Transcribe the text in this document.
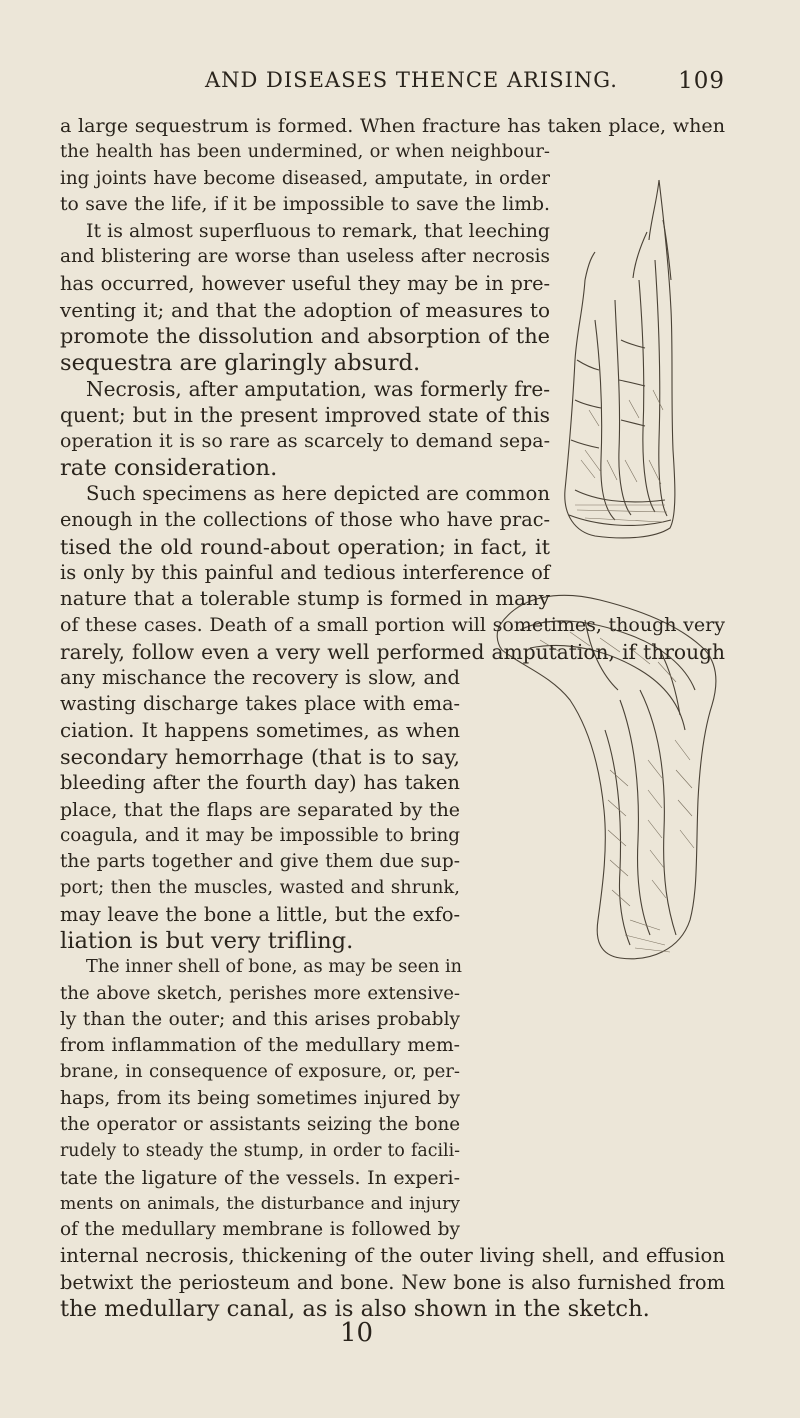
AND DISEASES THENCE ARISING.	109
a large sequestrum is formed. When fracture has taken place, when
the health has been undermined, or when neighbour-
ing joints have become diseased, amputate, in order
to save the life, if it be impossible to save the limb.
It is almost superfluous to remark, that leeching
and blistering are worse than useless after necrosis
has occurred, however useful they may be in pre-
venting it; and that the adoption of measures to
promote the dissolution and absorption of the
sequestra are glaringly absurd.
Necrosis, after amputation, was formerly fre-
quent; but in the present improved state of this
operation it is so rare as scarcely to demand sepa-
rate consideration.
Such specimens as here depicted are common
enough in the collections of those who have prac-
tised the old round-about operation; in fact, it
is only by this painful and tedious interference of
nature that a tolerable stump is formed in many
of these cases. Death of a small portion will sometimes, though very
rarely, follow even a very well performed amputation, if through
any mischance the recovery is slow, and
wasting discharge takes place with ema-
ciation. It happens sometimes, as when
secondary hemorrhage (that is to say,
bleeding after the fourth day) has taken
place, that the flaps are separated by the
coagula, and it may be impossible to bring
the parts together and give them due sup-
port; then the muscles, wasted and shrunk,
may leave the bone a little, but the exfo-
liation is but very trifling.
The inner shell of bone, as may be seen in
the above sketch, perishes more extensive-
ly than the outer; and this arises probably
from inflammation of the medullary mem-
brane, in consequence of exposure, or, per-
haps, from its being sometimes injured by
the operator or assistants seizing the bone
rudely to steady the stump, in order to facili-
tate the ligature of the vessels. In experi-
ments on animals, the disturbance and injury
of the medullary membrane is followed by
internal necrosis, thickening of the outer living shell, and effusion
betwixt the periosteum and bone. New bone is also furnished from
the medullary canal, as is also shown in the sketch.
10
